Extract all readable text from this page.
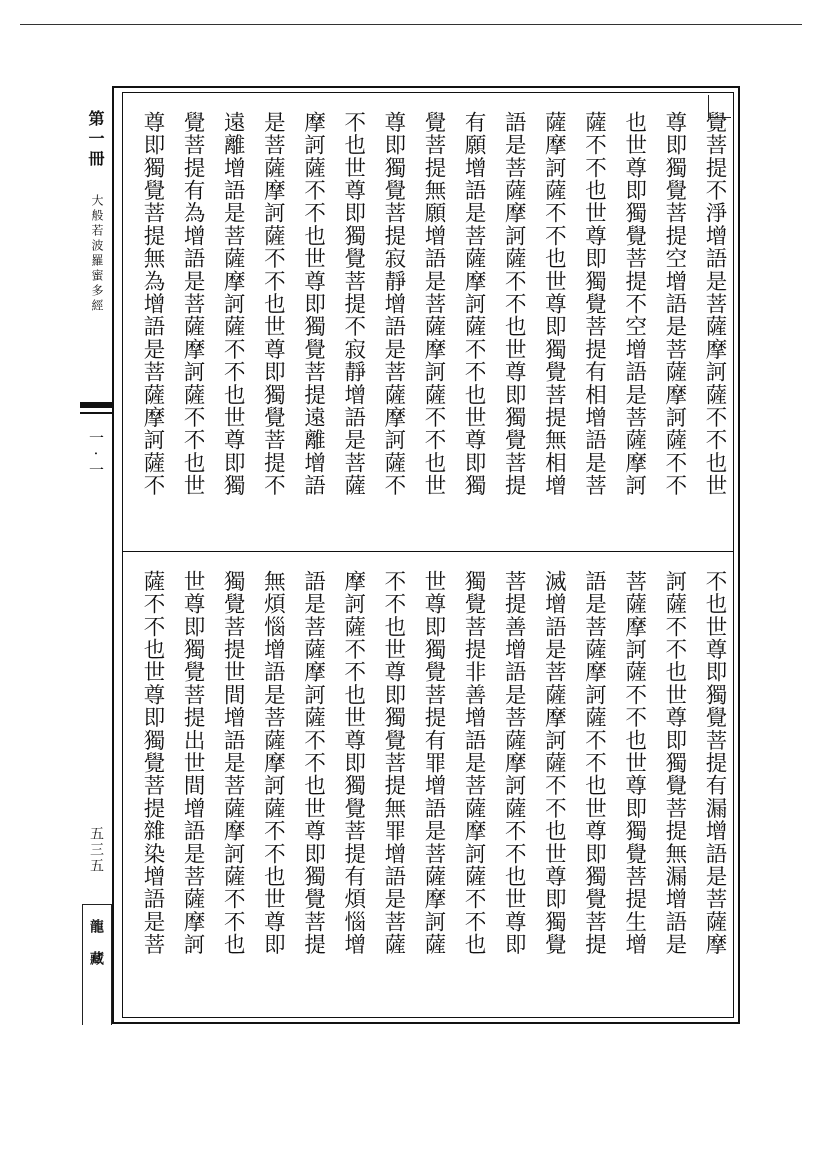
第一冊
大般若波羅蜜多經
一·一
五三五
龍藏
覺菩提不淨增語是菩薩摩訶薩不不也世
尊即獨覺菩提空增語是菩薩摩訶薩不不
也世尊即獨覺菩提不空增語是菩薩摩訶
薩不不也世尊即獨覺菩提有相增語是菩
薩摩訶薩不不也世尊即獨覺菩提無相增
語是菩薩摩訶薩不不也世尊即獨覺菩提
有願增語是菩薩摩訶薩不不也世尊即獨
覺菩提無願增語是菩薩摩訶薩不不也世
尊即獨覺菩提寂靜增語是菩薩摩訶薩不
不也世尊即獨覺菩提不寂靜增語是菩薩
摩訶薩不不也世尊即獨覺菩提遠離增語
是菩薩摩訶薩不不也世尊即獨覺菩提不
遠離增語是菩薩摩訶薩不不也世尊即獨
覺菩提有為增語是菩薩摩訶薩不不也世
尊即獨覺菩提無為增語是菩薩摩訶薩不
不也世尊即獨覺菩提有漏增語是菩薩摩
訶薩不不也世尊即獨覺菩提無漏增語是
菩薩摩訶薩不不也世尊即獨覺菩提生增
語是菩薩摩訶薩不不也世尊即獨覺菩提
滅增語是菩薩摩訶薩不不也世尊即獨覺
菩提善增語是菩薩摩訶薩不不也世尊即
獨覺菩提非善增語是菩薩摩訶薩不不也
世尊即獨覺菩提有罪增語是菩薩摩訶薩
不不也世尊即獨覺菩提無罪增語是菩薩
摩訶薩不不也世尊即獨覺菩提有煩惱增
語是菩薩摩訶薩不不也世尊即獨覺菩提
無煩惱增語是菩薩摩訶薩不不也世尊即
獨覺菩提世間增語是菩薩摩訶薩不不也
世尊即獨覺菩提出世間增語是菩薩摩訶
薩不不也世尊即獨覺菩提雜染增語是菩
